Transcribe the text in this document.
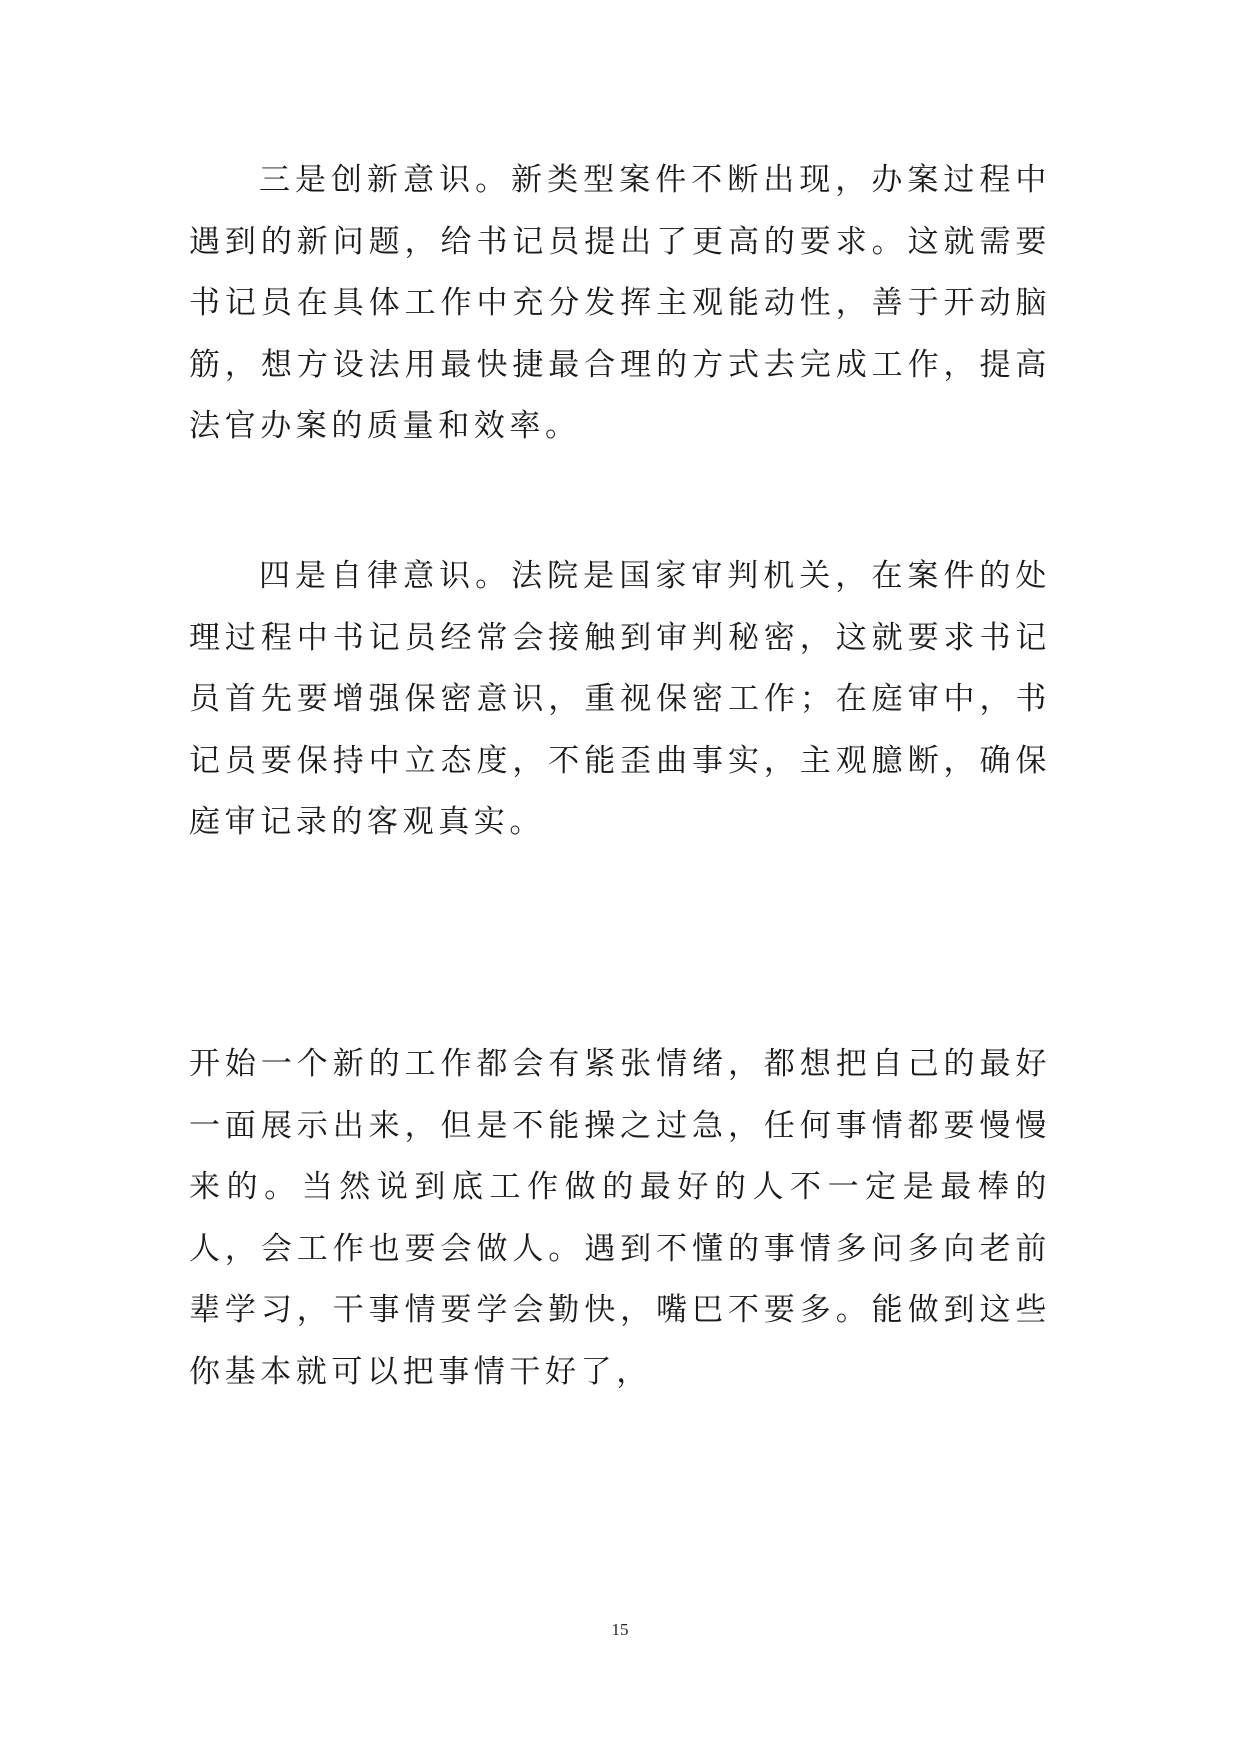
三是创新意识。新类型案件不断出现，办案过程中遇到的新问题，给书记员提出了更高的要求。这就需要书记员在具体工作中充分发挥主观能动性，善于开动脑筋，想方设法用最快捷最合理的方式去完成工作，提高法官办案的质量和效率。

四是自律意识。法院是国家审判机关，在案件的处理过程中书记员经常会接触到审判秘密，这就要求书记员首先要增强保密意识，重视保密工作；在庭审中，书记员要保持中立态度，不能歪曲事实，主观臆断，确保庭审记录的客观真实。

开始一个新的工作都会有紧张情绪，都想把自己的最好一面展示出来，但是不能操之过急，任何事情都要慢慢来的。当然说到底工作做的最好的人不一定是最棒的人，会工作也要会做人。遇到不懂的事情多问多向老前辈学习，干事情要学会勤快，嘴巴不要多。能做到这些你基本就可以把事情干好了，

15
